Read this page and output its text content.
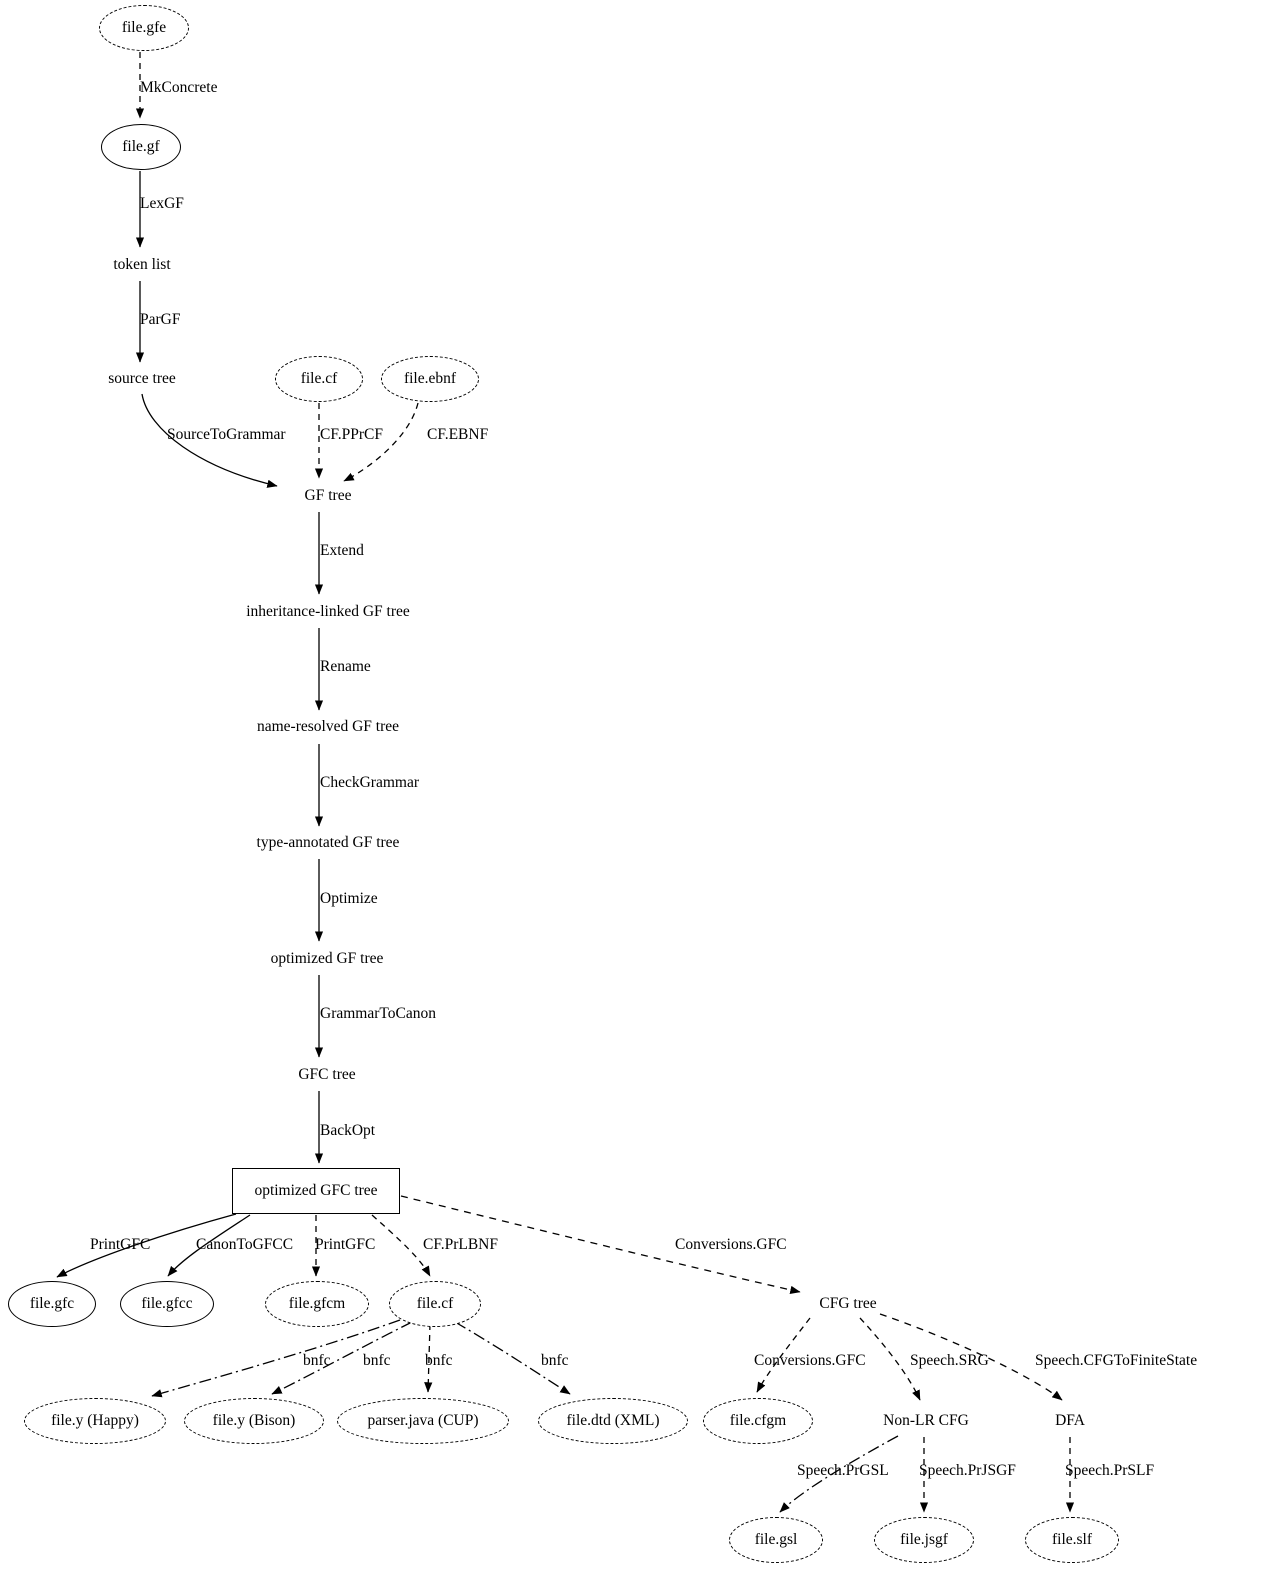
file.gfe
file.gf
token list
source tree	file.cf	file.ebnf
GF tree
inheritance-linked GF tree
name-resolved GF tree
type-annotated GF tree
optimized GF tree
GFC tree
optimized GFC tree
file.gfc	file.gfcc	file.gfcm	file.cf	CFG tree
file.y (Happy)	file.y (Bison)	parser.java (CUP)	file.dtd (XML)	file.cfgm	Non-LR CFG	DFA
file.gsl	file.jsgf	file.slf
MkConcrete
LexGF
ParGF
SourceToGrammar CF.PPrCF	CF.EBNF
Extend
Rename
CheckGrammar
Optimize
GrammarToCanon
BackOpt
PrintGFC	CanonToGFCC PrintGFC	CF.PrLBNF	Conversions.GFC
bnfc bnfc bnfc	bnfc	Conversions.GFC	Speech.SRG	Speech.CFGToFiniteState
Speech.PrGSL Speech.PrJSGF	Speech.PrSLF
